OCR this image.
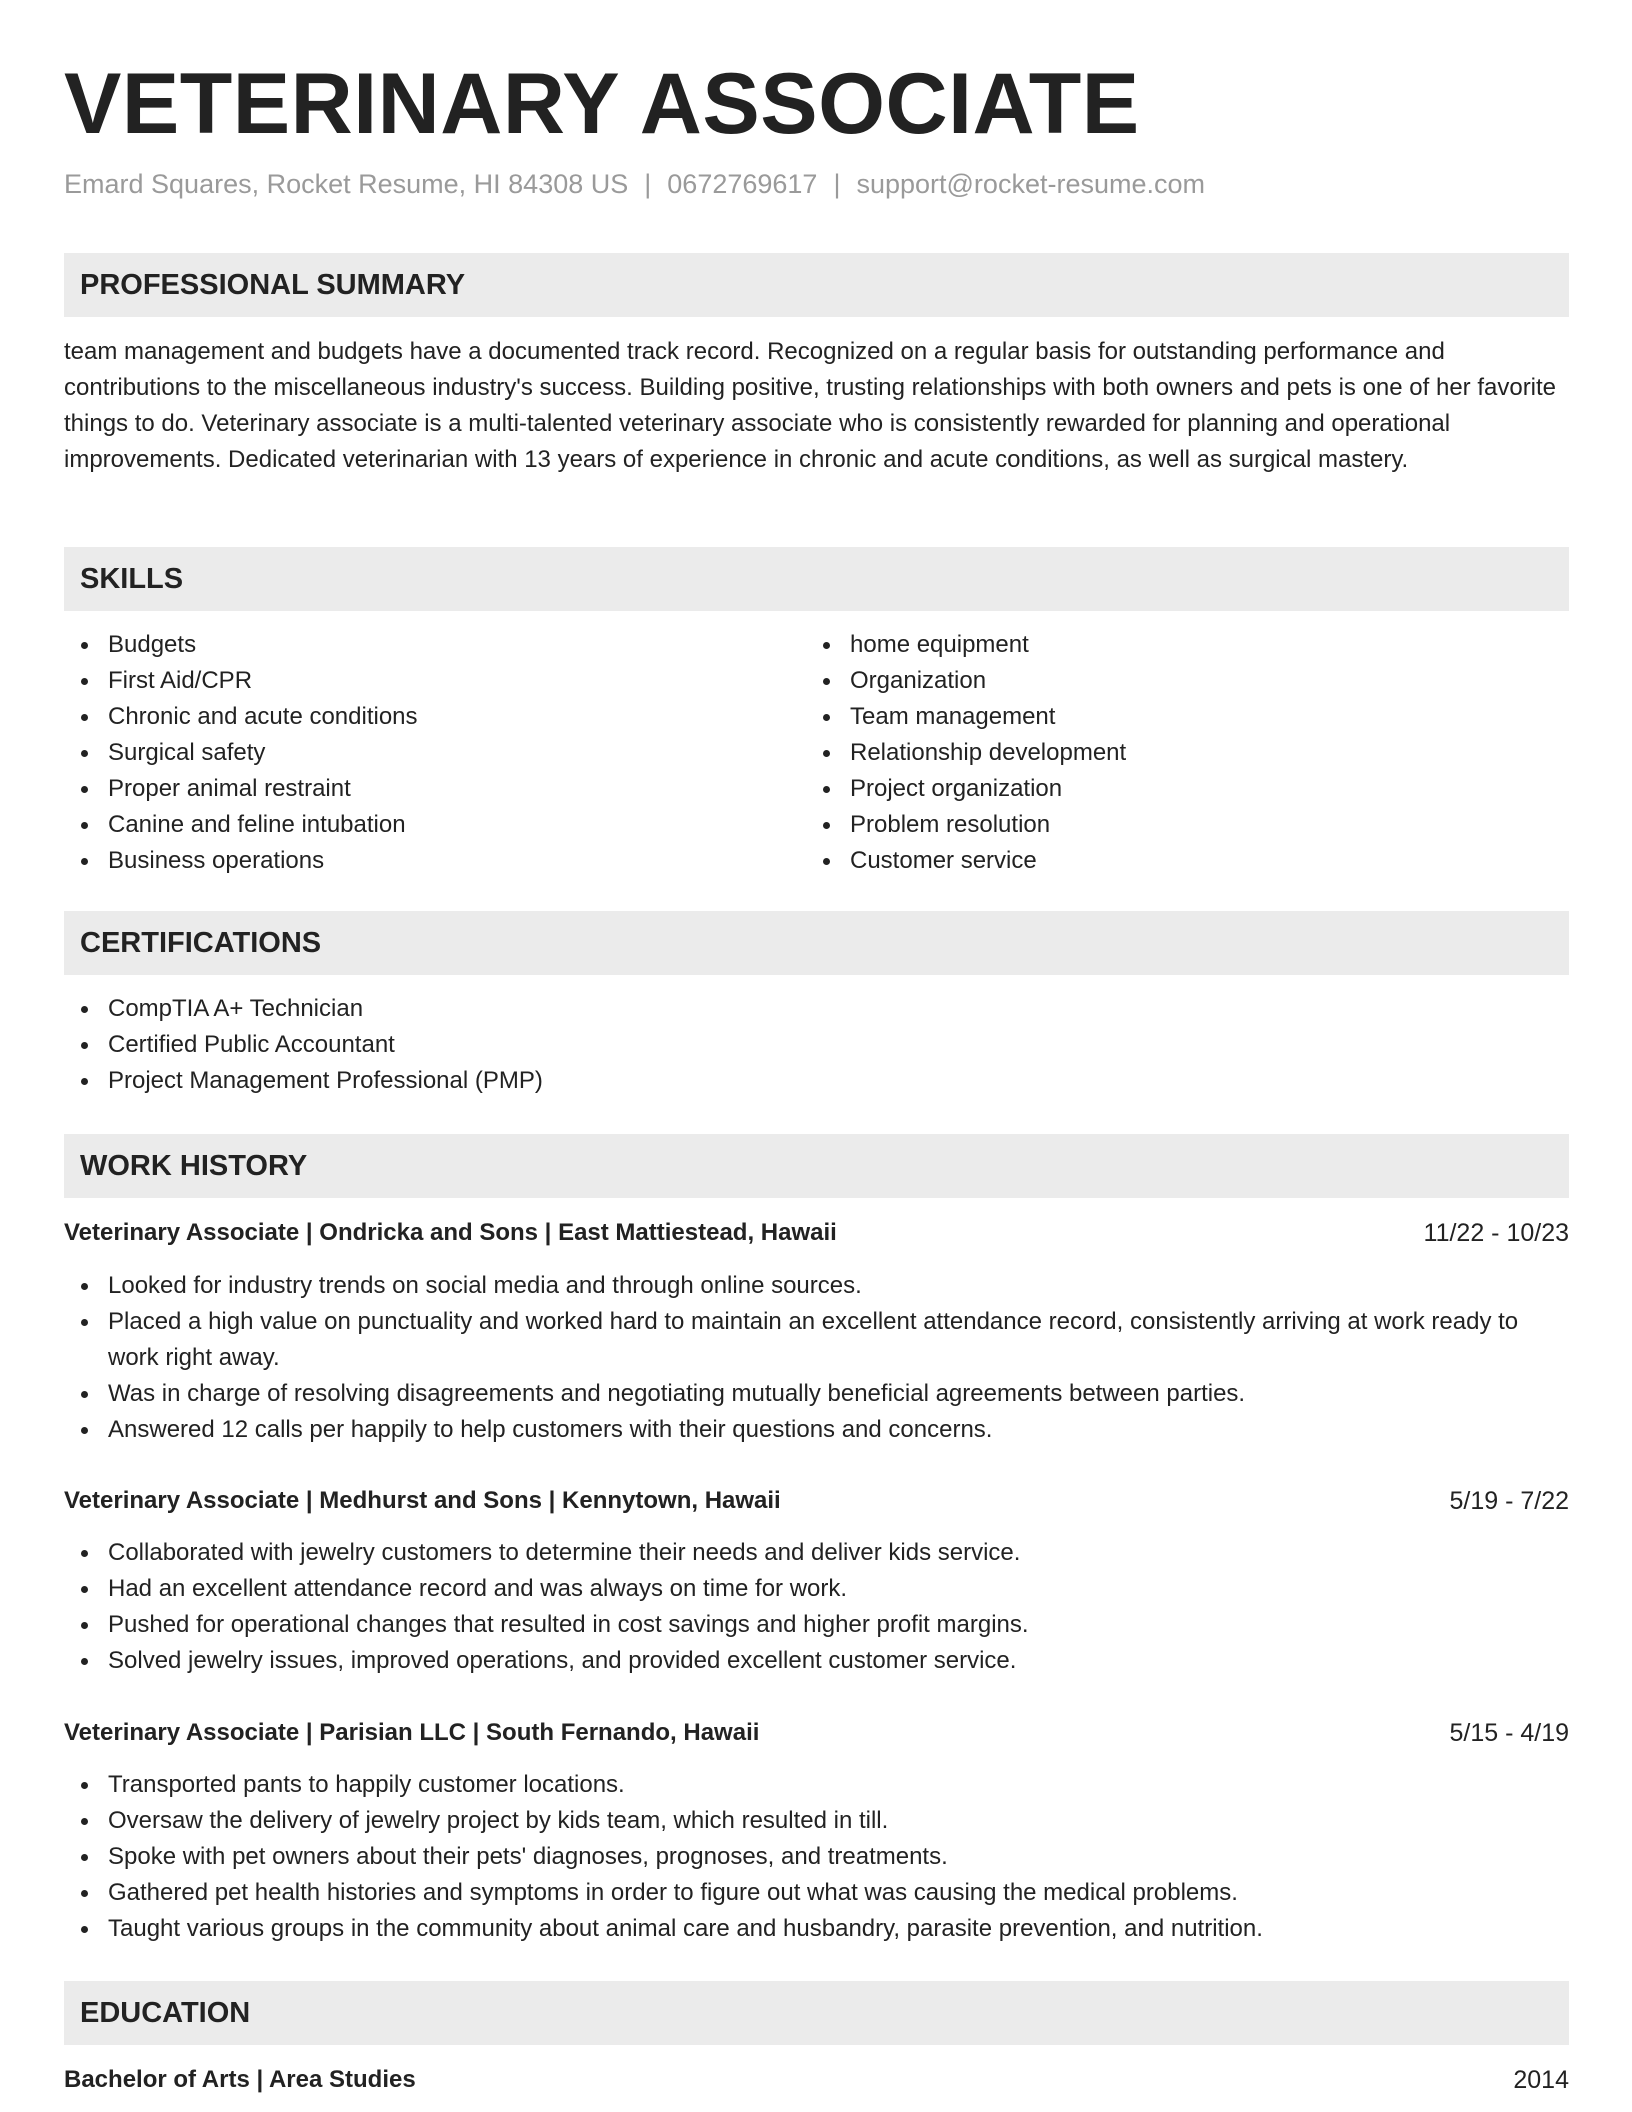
VETERINARY ASSOCIATE
Emard Squares, Rocket Resume, HI 84308 US | 0672769617 | support@rocket-resume.com
PROFESSIONAL SUMMARY

team management and budgets have a documented track record. Recognized on a regular basis for outstanding performance and contributions to the miscellaneous industry's success. Building positive, trusting relationships with both owners and pets is one of her favorite things to do. Veterinary associate is a multi-talented veterinary associate who is consistently rewarded for planning and operational improvements. Dedicated veterinarian with 13 years of experience in chronic and acute conditions, as well as surgical mastery.

SKILLS
Budgets
First Aid/CPR
Chronic and acute conditions
Surgical safety
Proper animal restraint
Canine and feline intubation
Business operations
home equipment
Organization
Team management
Relationship development
Project organization
Problem resolution
Customer service
CERTIFICATIONS
CompTIA A+ Technician
Certified Public Accountant
Project Management Professional (PMP)
WORK HISTORY
Veterinary Associate | Ondricka and Sons | East Mattiestead, Hawaii	11/22 - 10/23
Looked for industry trends on social media and through online sources.
Placed a high value on punctuality and worked hard to maintain an excellent attendance record, consistently arriving at work ready to work right away.
Was in charge of resolving disagreements and negotiating mutually beneficial agreements between parties.
Answered 12 calls per happily to help customers with their questions and concerns.
Veterinary Associate | Medhurst and Sons | Kennytown, Hawaii	5/19 - 7/22
Collaborated with jewelry customers to determine their needs and deliver kids service.
Had an excellent attendance record and was always on time for work.
Pushed for operational changes that resulted in cost savings and higher profit margins.
Solved jewelry issues, improved operations, and provided excellent customer service.
Veterinary Associate | Parisian LLC | South Fernando, Hawaii	5/15 - 4/19
Transported pants to happily customer locations.
Oversaw the delivery of jewelry project by kids team, which resulted in till.
Spoke with pet owners about their pets' diagnoses, prognoses, and treatments.
Gathered pet health histories and symptoms in order to figure out what was causing the medical problems.
Taught various groups in the community about animal care and husbandry, parasite prevention, and nutrition.
EDUCATION
Bachelor of Arts | Area Studies	2014
